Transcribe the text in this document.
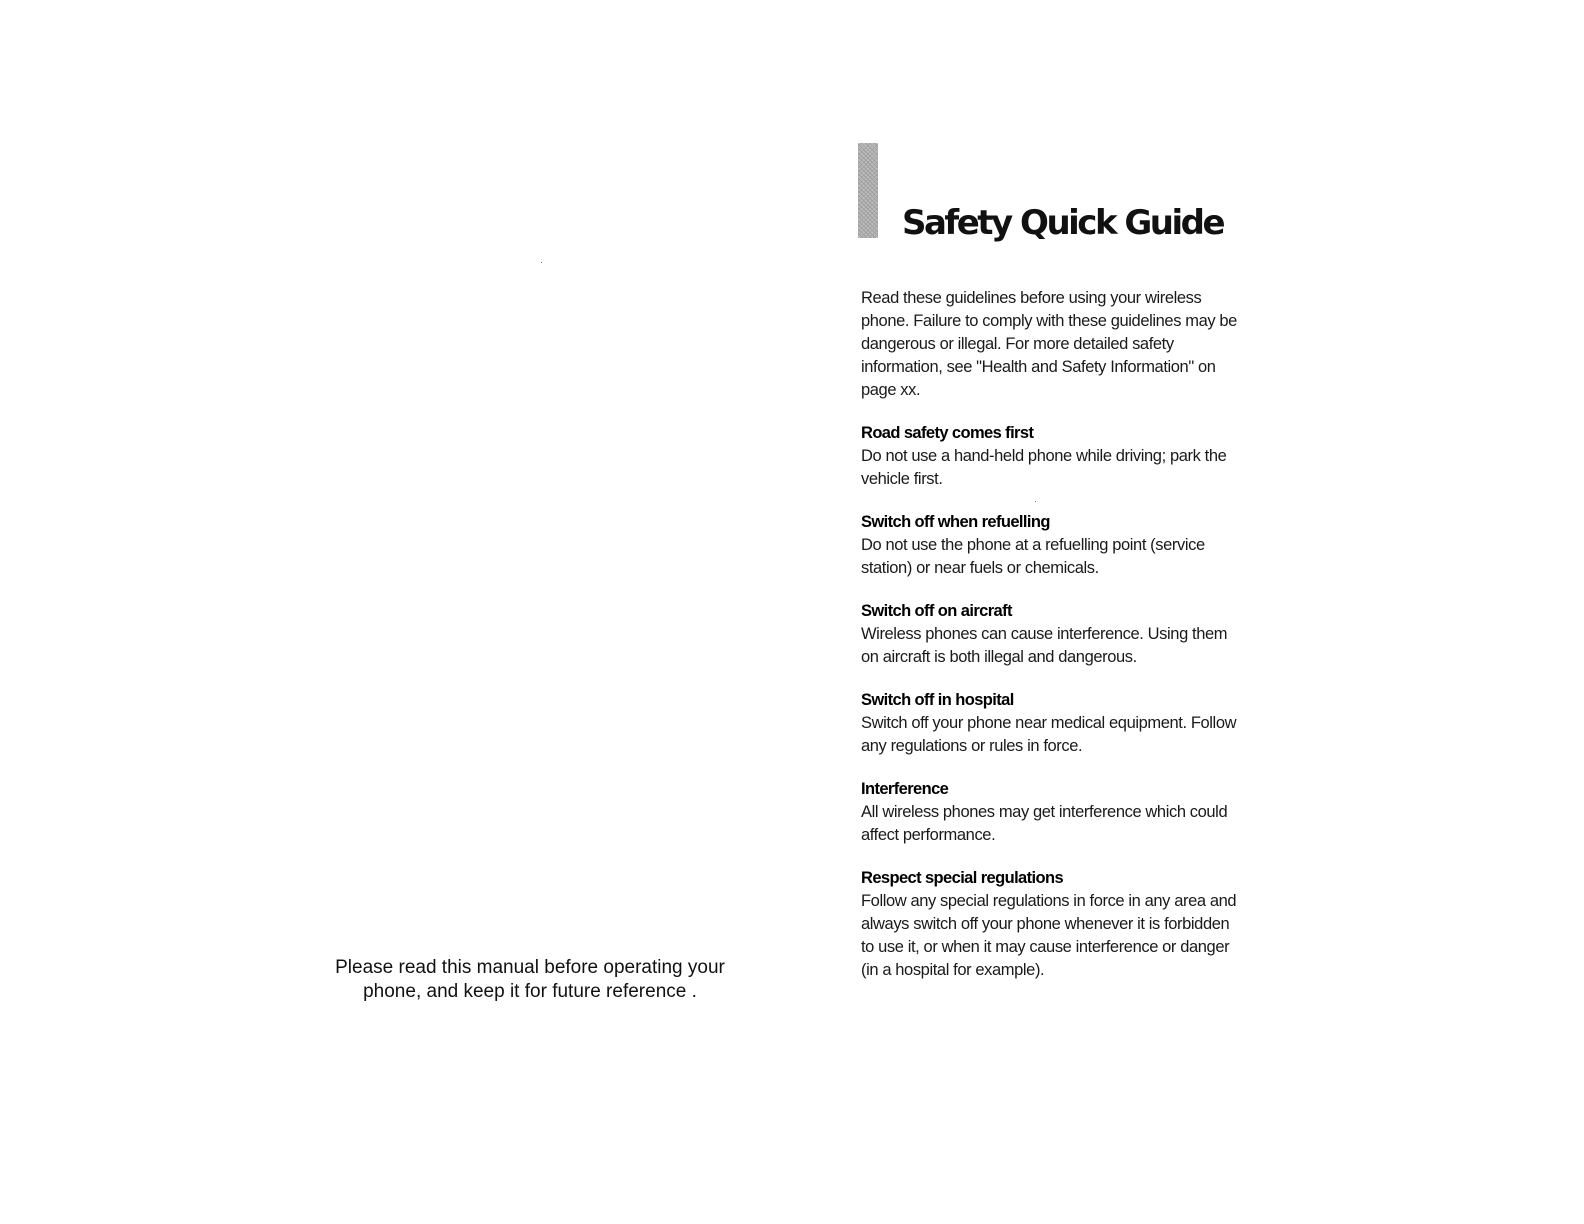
Please read this manual before operating your
phone, and keep it for future reference .
Safety Quick Guide

Read these guidelines before using your wireless phone. Failure to comply with these guidelines may be dangerous or illegal. For more detailed safety information, see "Health and Safety Information" on page xx.

Road safety comes first

Do not use a hand-held phone while driving; park the vehicle first.

Switch off when refuelling

Do not use the phone at a refuelling point (service station) or near fuels or chemicals.

Switch off on aircraft

Wireless phones can cause interference. Using them on aircraft is both illegal and dangerous.

Switch off in hospital

Switch off your phone near medical equipment. Follow any regulations or rules in force.

Interference

All wireless phones may get interference which could affect performance.

Respect special regulations

Follow any special regulations in force in any area and always switch off your phone whenever it is forbidden to use it, or when it may cause interference or danger (in a hospital for example).
